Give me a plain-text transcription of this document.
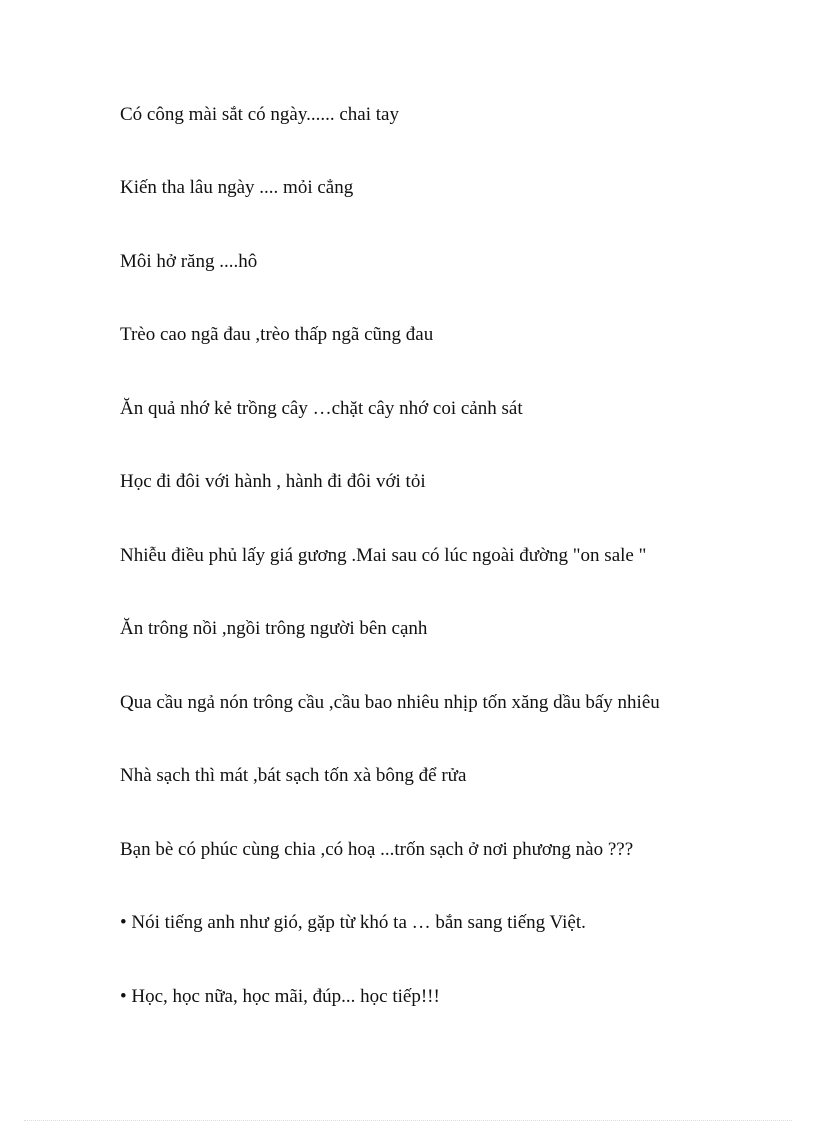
Có công mài sắt có ngày...... chai tay
Kiến tha lâu ngày .... mỏi cẳng
Môi hở răng ....hô
Trèo cao ngã đau ,trèo thấp ngã cũng đau
Ăn quả nhớ kẻ trồng cây …chặt cây nhớ coi cảnh sát
Học đi đôi với hành , hành đi đôi với tỏi
Nhiễu điều phủ lấy giá gương .Mai sau có lúc ngoài đường "on sale "
Ăn trông nồi ,ngồi trông người bên cạnh
Qua cầu ngả nón trông cầu ,cầu bao nhiêu nhịp tốn xăng dầu bấy nhiêu
Nhà sạch thì mát ,bát sạch tốn xà bông để rửa
Bạn bè có phúc cùng chia ,có hoạ ...trốn sạch ở nơi phương nào ???
• Nói tiếng anh như gió, gặp từ khó ta … bắn sang tiếng Việt.
• Học, học nữa, học mãi, đúp... học tiếp!!!
